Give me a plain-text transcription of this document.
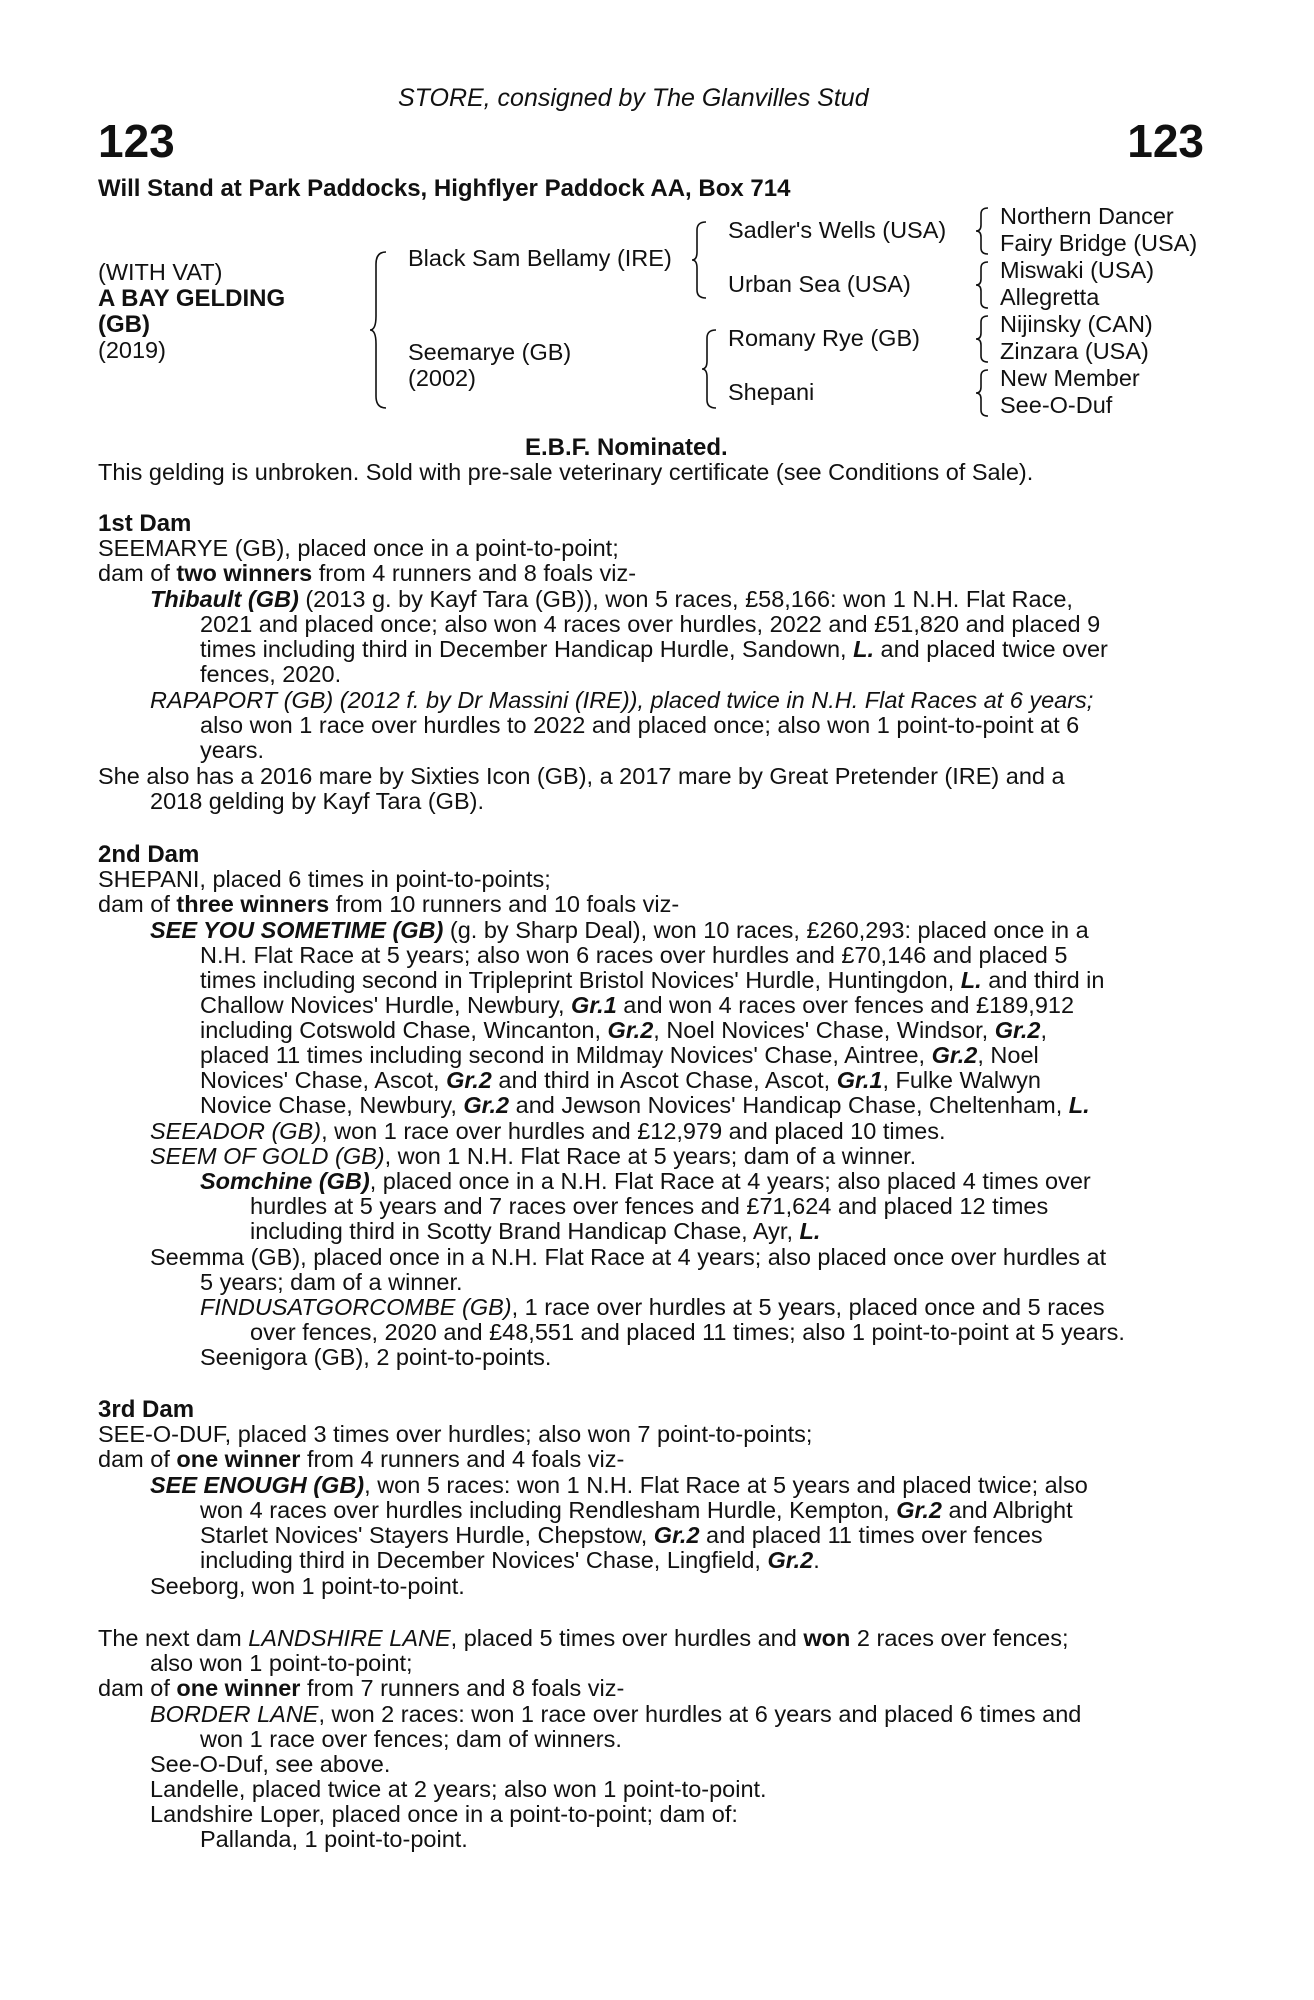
STORE, consigned by The Glanvilles Stud
123	123
Will Stand at Park Paddocks, Highflyer Paddock AA, Box 714
(WITH VAT)
A BAY GELDING
(GB)
(2019)
Black Sam Bellamy (IRE)
Seemarye (GB)
(2002)
Sadler's Wells (USA)
Urban Sea (USA)
Romany Rye (GB)
Shepani
Northern Dancer
Fairy Bridge (USA)
Miswaki (USA)
Allegretta
Nijinsky (CAN)
Zinzara (USA)
New Member
See-O-Duf
E.B.F. Nominated.
This gelding is unbroken. Sold with pre-sale veterinary certificate (see Conditions of Sale).
1st Dam
SEEMARYE (GB), placed once in a point-to-point;
dam of two winners from 4 runners and 8 foals viz-
Thibault (GB) (2013 g. by Kayf Tara (GB)), won 5 races, £58,166: won 1 N.H. Flat Race,
2021 and placed once; also won 4 races over hurdles, 2022 and £51,820 and placed 9
times including third in December Handicap Hurdle, Sandown, L. and placed twice over
fences, 2020.
RAPAPORT (GB) (2012 f. by Dr Massini (IRE)), placed twice in N.H. Flat Races at 6 years;
also won 1 race over hurdles to 2022 and placed once; also won 1 point-to-point at 6
years.
She also has a 2016 mare by Sixties Icon (GB), a 2017 mare by Great Pretender (IRE) and a
2018 gelding by Kayf Tara (GB).
2nd Dam
SHEPANI, placed 6 times in point-to-points;
dam of three winners from 10 runners and 10 foals viz-
SEE YOU SOMETIME (GB) (g. by Sharp Deal), won 10 races, £260,293: placed once in a
N.H. Flat Race at 5 years; also won 6 races over hurdles and £70,146 and placed 5
times including second in Tripleprint Bristol Novices' Hurdle, Huntingdon, L. and third in
Challow Novices' Hurdle, Newbury, Gr.1 and won 4 races over fences and £189,912
including Cotswold Chase, Wincanton, Gr.2, Noel Novices' Chase, Windsor, Gr.2,
placed 11 times including second in Mildmay Novices' Chase, Aintree, Gr.2, Noel
Novices' Chase, Ascot, Gr.2 and third in Ascot Chase, Ascot, Gr.1, Fulke Walwyn
Novice Chase, Newbury, Gr.2 and Jewson Novices' Handicap Chase, Cheltenham, L.
SEEADOR (GB), won 1 race over hurdles and £12,979 and placed 10 times.
SEEM OF GOLD (GB), won 1 N.H. Flat Race at 5 years; dam of a winner.
Somchine (GB), placed once in a N.H. Flat Race at 4 years; also placed 4 times over
hurdles at 5 years and 7 races over fences and £71,624 and placed 12 times
including third in Scotty Brand Handicap Chase, Ayr, L.
Seemma (GB), placed once in a N.H. Flat Race at 4 years; also placed once over hurdles at
5 years; dam of a winner.
FINDUSATGORCOMBE (GB), 1 race over hurdles at 5 years, placed once and 5 races
over fences, 2020 and £48,551 and placed 11 times; also 1 point-to-point at 5 years.
Seenigora (GB), 2 point-to-points.
3rd Dam
SEE-O-DUF, placed 3 times over hurdles; also won 7 point-to-points;
dam of one winner from 4 runners and 4 foals viz-
SEE ENOUGH (GB), won 5 races: won 1 N.H. Flat Race at 5 years and placed twice; also
won 4 races over hurdles including Rendlesham Hurdle, Kempton, Gr.2 and Albright
Starlet Novices' Stayers Hurdle, Chepstow, Gr.2 and placed 11 times over fences
including third in December Novices' Chase, Lingfield, Gr.2.
Seeborg, won 1 point-to-point.
The next dam LANDSHIRE LANE, placed 5 times over hurdles and won 2 races over fences;
also won 1 point-to-point;
dam of one winner from 7 runners and 8 foals viz-
BORDER LANE, won 2 races: won 1 race over hurdles at 6 years and placed 6 times and
won 1 race over fences; dam of winners.
See-O-Duf, see above.
Landelle, placed twice at 2 years; also won 1 point-to-point.
Landshire Loper, placed once in a point-to-point; dam of:
Pallanda, 1 point-to-point.
